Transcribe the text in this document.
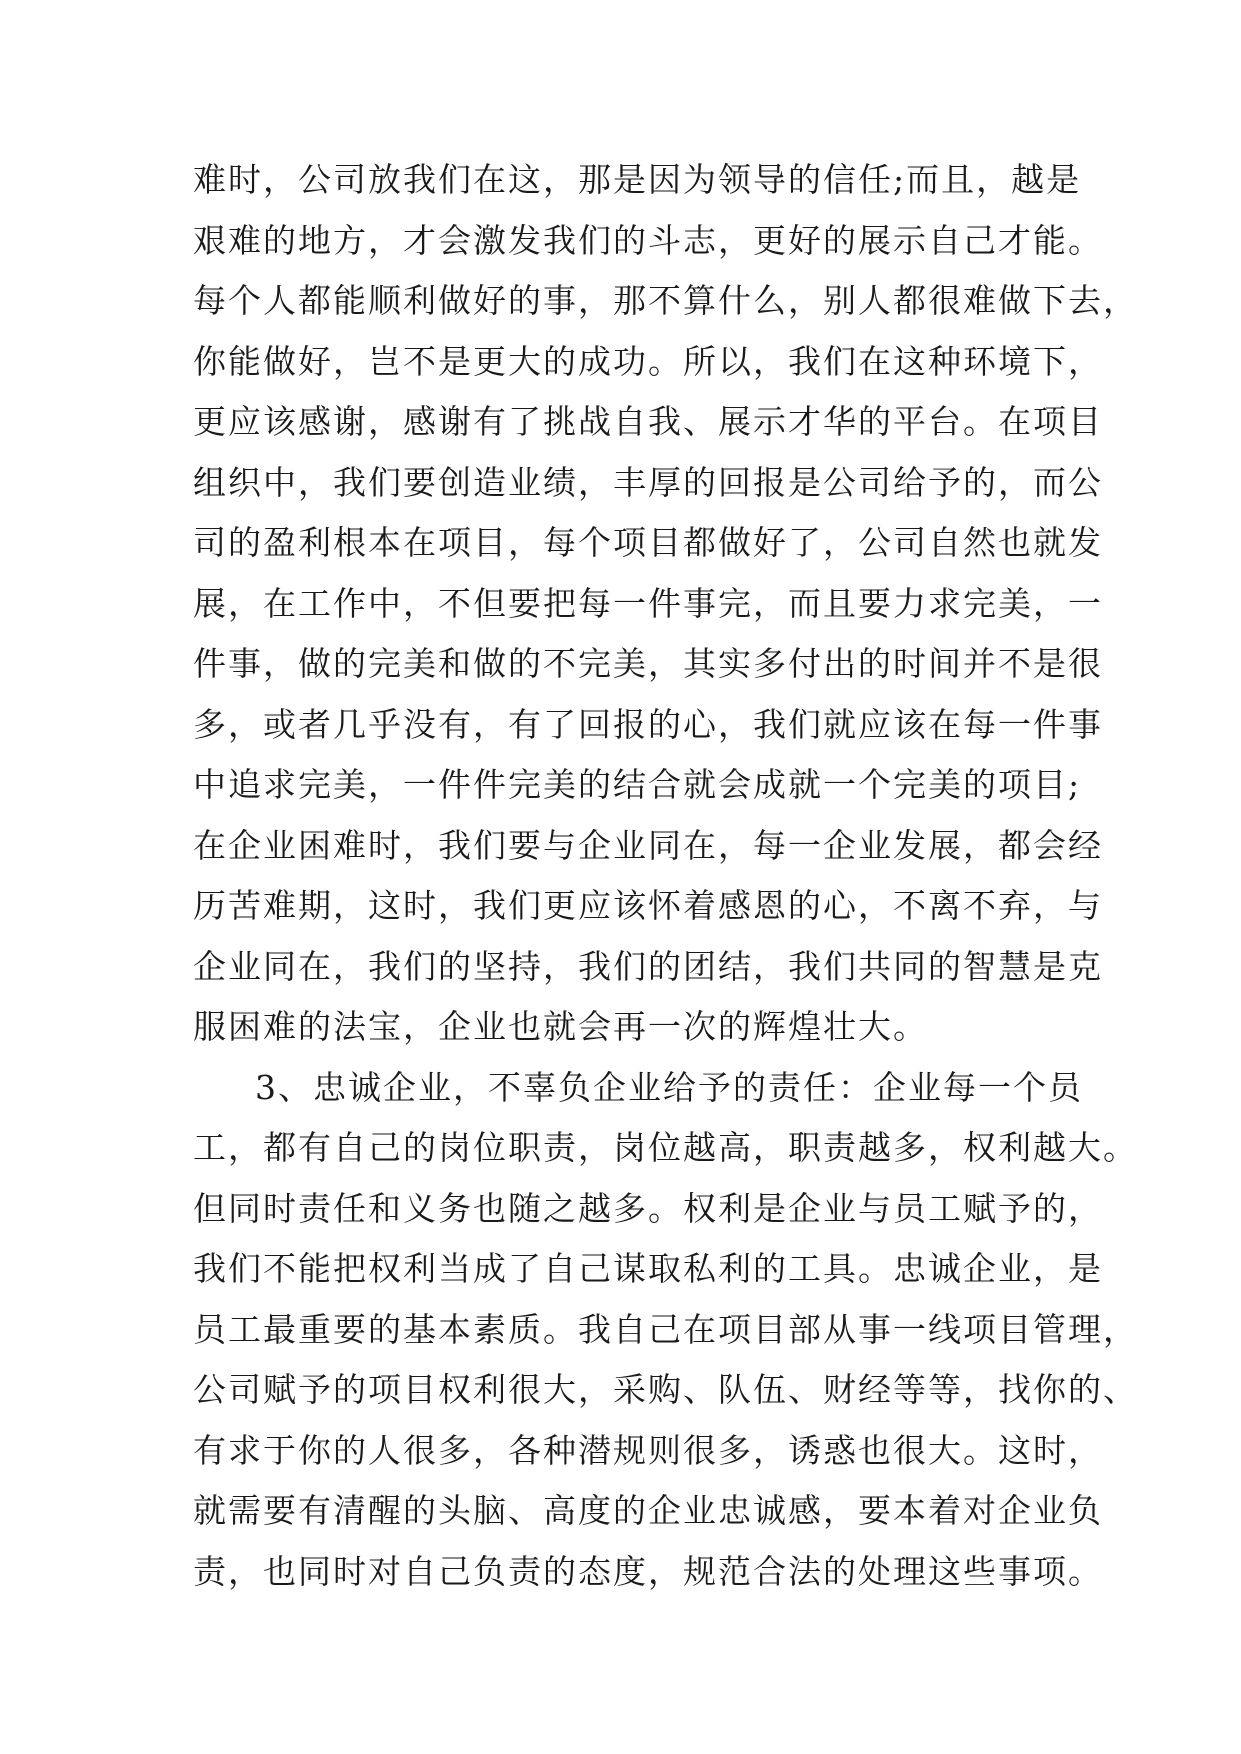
难时，公司放我们在这，那是因为领导的信任;而且，越是
艰难的地方，才会激发我们的斗志，更好的展示自己才能。
每个人都能顺利做好的事，那不算什么，别人都很难做下去，
你能做好，岂不是更大的成功。所以，我们在这种环境下，
更应该感谢，感谢有了挑战自我、展示才华的平台。在项目
组织中，我们要创造业绩，丰厚的回报是公司给予的，而公
司的盈利根本在项目，每个项目都做好了，公司自然也就发
展，在工作中，不但要把每一件事完，而且要力求完美，一
件事，做的完美和做的不完美，其实多付出的时间并不是很
多，或者几乎没有，有了回报的心，我们就应该在每一件事
中追求完美，一件件完美的结合就会成就一个完美的项目;
在企业困难时，我们要与企业同在，每一企业发展，都会经
历苦难期，这时，我们更应该怀着感恩的心，不离不弃，与
企业同在，我们的坚持，我们的团结，我们共同的智慧是克
服困难的法宝，企业也就会再一次的辉煌壮大。
3、忠诚企业，不辜负企业给予的责任：企业每一个员
工，都有自己的岗位职责，岗位越高，职责越多，权利越大。
但同时责任和义务也随之越多。权利是企业与员工赋予的，
我们不能把权利当成了自己谋取私利的工具。忠诚企业，是
员工最重要的基本素质。我自己在项目部从事一线项目管理，
公司赋予的项目权利很大，采购、队伍、财经等等，找你的、
有求于你的人很多，各种潜规则很多，诱惑也很大。这时，
就需要有清醒的头脑、高度的企业忠诚感，要本着对企业负
责，也同时对自己负责的态度，规范合法的处理这些事项。
